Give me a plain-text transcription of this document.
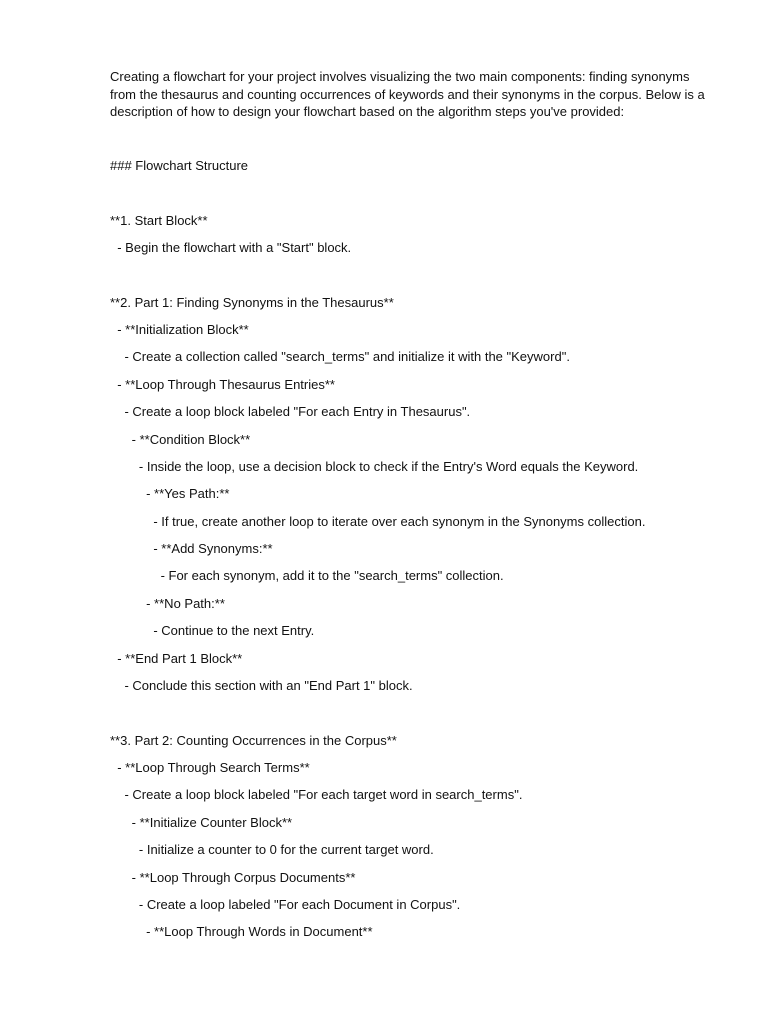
Creating a flowchart for your project involves visualizing the two main components: finding synonyms
from the thesaurus and counting occurrences of keywords and their synonyms in the corpus. Below is a
description of how to design your flowchart based on the algorithm steps you've provided:

### Flowchart Structure

**1. Start Block**

- Begin the flowchart with a "Start" block.

**2. Part 1: Finding Synonyms in the Thesaurus**

- **Initialization Block**

- Create a collection called "search_terms" and initialize it with the "Keyword".

- **Loop Through Thesaurus Entries**

- Create a loop block labeled "For each Entry in Thesaurus".

- **Condition Block**

- Inside the loop, use a decision block to check if the Entry's Word equals the Keyword.

- **Yes Path:**

- If true, create another loop to iterate over each synonym in the Synonyms collection.

- **Add Synonyms:**

- For each synonym, add it to the "search_terms" collection.

- **No Path:**

- Continue to the next Entry.

- **End Part 1 Block**

- Conclude this section with an "End Part 1" block.

**3. Part 2: Counting Occurrences in the Corpus**

- **Loop Through Search Terms**

- Create a loop block labeled "For each target word in search_terms".

- **Initialize Counter Block**

- Initialize a counter to 0 for the current target word.

- **Loop Through Corpus Documents**

- Create a loop labeled "For each Document in Corpus".

- **Loop Through Words in Document**
